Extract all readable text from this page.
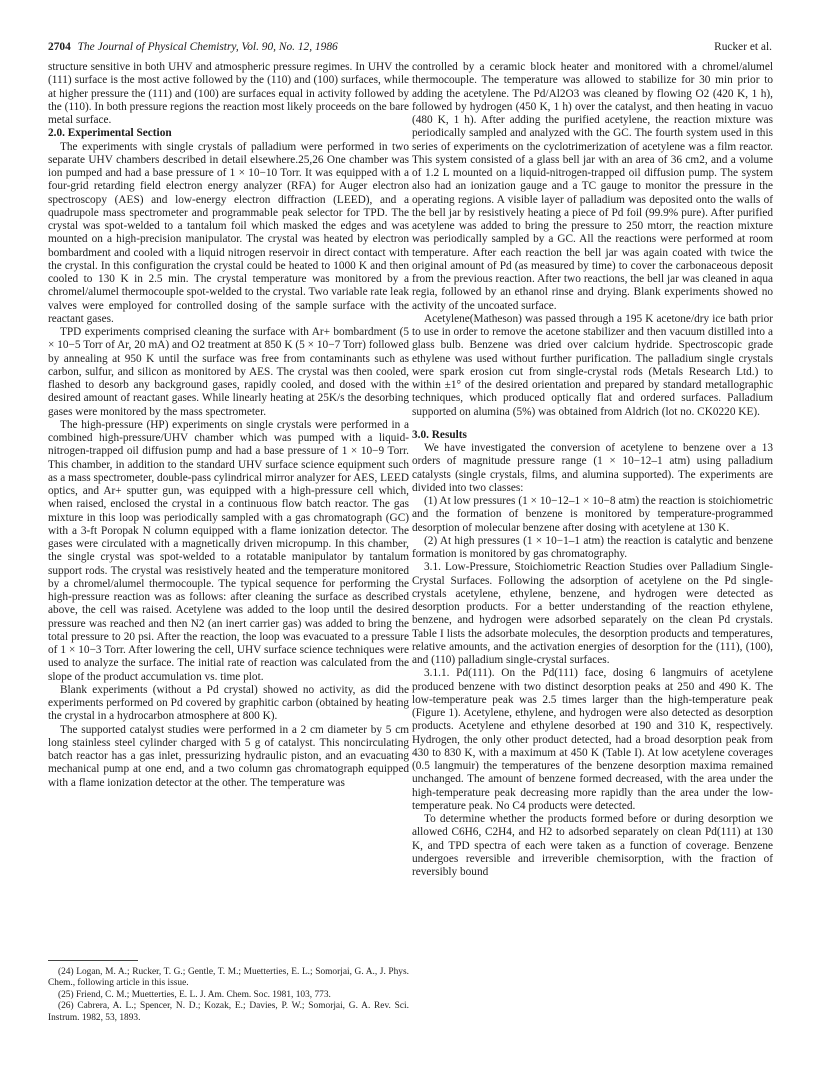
2704 The Journal of Physical Chemistry, Vol. 90, No. 12, 1986	Rucker et al.

structure sensitive in both UHV and atmospheric pressure regimes. In UHV the (111) surface is the most active followed by the (110) and (100) surfaces, while at higher pressure the (111) and (100) are surfaces equal in activity followed by the (110). In both pressure regions the reaction most likely proceeds on the bare metal surface.

2.0. Experimental Section

The experiments with single crystals of palladium were performed in two separate UHV chambers described in detail elsewhere.25,26 One chamber was ion pumped and had a base pressure of 1 × 10−10 Torr. It was equipped with a four-grid retarding field electron energy analyzer (RFA) for Auger electron spectroscopy (AES) and low-energy electron diffraction (LEED), and a quadrupole mass spectrometer and programmable peak selector for TPD. The crystal was spot-welded to a tantalum foil which masked the edges and was mounted on a high-precision manipulator. The crystal was heated by electron bombardment and cooled with a liquid nitrogen reservoir in direct contact with the crystal. In this configuration the crystal could be heated to 1000 K and then cooled to 130 K in 2.5 min. The crystal temperature was monitored by a chromel/alumel thermocouple spot-welded to the crystal. Two variable rate leak valves were employed for controlled dosing of the sample surface with the reactant gases.

TPD experiments comprised cleaning the surface with Ar+ bombardment (5 × 10−5 Torr of Ar, 20 mA) and O2 treatment at 850 K (5 × 10−7 Torr) followed by annealing at 950 K until the surface was free from contaminants such as carbon, sulfur, and silicon as monitored by AES. The crystal was then cooled, flashed to desorb any background gases, rapidly cooled, and dosed with the desired amount of reactant gases. While linearly heating at 25K/s the desorbing gases were monitored by the mass spectrometer.

The high-pressure (HP) experiments on single crystals were performed in a combined high-pressure/UHV chamber which was pumped with a liquid-nitrogen-trapped oil diffusion pump and had a base pressure of 1 × 10−9 Torr. This chamber, in addition to the standard UHV surface science equipment such as a mass spectrometer, double-pass cylindrical mirror analyzer for AES, LEED optics, and Ar+ sputter gun, was equipped with a high-pressure cell which, when raised, enclosed the crystal in a continuous flow batch reactor. The gas mixture in this loop was periodically sampled with a gas chromatograph (GC) with a 3-ft Poropak N column equipped with a flame ionization detector. The gases were circulated with a magnetically driven micropump. In this chamber, the single crystal was spot-welded to a rotatable manipulator by tantalum support rods. The crystal was resistively heated and the temperature monitored by a chromel/alumel thermocouple. The typical sequence for performing the high-pressure reaction was as follows: after cleaning the surface as described above, the cell was raised. Acetylene was added to the loop until the desired pressure was reached and then N2 (an inert carrier gas) was added to bring the total pressure to 20 psi. After the reaction, the loop was evacuated to a pressure of 1 × 10−3 Torr. After lowering the cell, UHV surface science techniques were used to analyze the surface. The initial rate of reaction was calculated from the slope of the product accumulation vs. time plot.

Blank experiments (without a Pd crystal) showed no activity, as did the experiments performed on Pd covered by graphitic carbon (obtained by heating the crystal in a hydrocarbon atmosphere at 800 K).

The supported catalyst studies were performed in a 2 cm diameter by 5 cm long stainless steel cylinder charged with 5 g of catalyst. This noncirculating batch reactor has a gas inlet, pressurizing hydraulic piston, and an evacuating mechanical pump at one end, and a two column gas chromatograph equipped with a flame ionization detector at the other. The temperature was

(24) Logan, M. A.; Rucker, T. G.; Gentle, T. M.; Muetterties, E. L.; Somorjai, G. A., J. Phys. Chem., following article in this issue.

(25) Friend, C. M.; Muetterties, E. L. J. Am. Chem. Soc. 1981, 103, 773.

(26) Cabrera, A. L.; Spencer, N. D.; Kozak, E.; Davies, P. W.; Somorjai, G. A. Rev. Sci. Instrum. 1982, 53, 1893.

controlled by a ceramic block heater and monitored with a chromel/alumel thermocouple. The temperature was allowed to stabilize for 30 min prior to adding the acetylene. The Pd/Al2O3 was cleaned by flowing O2 (420 K, 1 h), followed by hydrogen (450 K, 1 h) over the catalyst, and then heating in vacuo (480 K, 1 h). After adding the purified acetylene, the reaction mixture was periodically sampled and analyzed with the GC. The fourth system used in this series of experiments on the cyclotrimerization of acetylene was a film reactor. This system consisted of a glass bell jar with an area of 36 cm2, and a volume of 1.2 L mounted on a liquid-nitrogen-trapped oil diffusion pump. The system also had an ionization gauge and a TC gauge to monitor the pressure in the operating regions. A visible layer of palladium was deposited onto the walls of the bell jar by resistively heating a piece of Pd foil (99.9% pure). After purified acetylene was added to bring the pressure to 250 mtorr, the reaction mixture was periodically sampled by a GC. All the reactions were performed at room temperature. After each reaction the bell jar was again coated with twice the original amount of Pd (as measured by time) to cover the carbonaceous deposit from the previous reaction. After two reactions, the bell jar was cleaned in aqua regia, followed by an ethanol rinse and drying. Blank experiments showed no activity of the uncoated surface.

Acetylene(Matheson) was passed through a 195 K acetone/dry ice bath prior to use in order to remove the acetone stabilizer and then vacuum distilled into a glass bulb. Benzene was dried over calcium hydride. Spectroscopic grade ethylene was used without further purification. The palladium single crystals were spark erosion cut from single-crystal rods (Metals Research Ltd.) to within ±1° of the desired orientation and prepared by standard metallographic techniques, which produced optically flat and ordered surfaces. Palladium supported on alumina (5%) was obtained from Aldrich (lot no. CK0220 KE).

3.0. Results

We have investigated the conversion of acetylene to benzene over a 13 orders of magnitude pressure range (1 × 10−12–1 atm) using palladium catalysts (single crystals, films, and alumina supported). The experiments are divided into two classes:

(1) At low pressures (1 × 10−12–1 × 10−8 atm) the reaction is stoichiometric and the formation of benzene is monitored by temperature-programmed desorption of molecular benzene after dosing with acetylene at 130 K.

(2) At high pressures (1 × 10−1–1 atm) the reaction is catalytic and benzene formation is monitored by gas chromatography.

3.1. Low-Pressure, Stoichiometric Reaction Studies over Palladium Single-Crystal Surfaces. Following the adsorption of acetylene on the Pd single-crystals acetylene, ethylene, benzene, and hydrogen were detected as desorption products. For a better understanding of the reaction ethylene, benzene, and hydrogen were adsorbed separately on the clean Pd crystals. Table I lists the adsorbate molecules, the desorption products and temperatures, relative amounts, and the activation energies of desorption for the (111), (100), and (110) palladium single-crystal surfaces.

3.1.1. Pd(111). On the Pd(111) face, dosing 6 langmuirs of acetylene produced benzene with two distinct desorption peaks at 250 and 490 K. The low-temperature peak was 2.5 times larger than the high-temperature peak (Figure 1). Acetylene, ethylene, and hydrogen were also detected as desorption products. Acetylene and ethylene desorbed at 190 and 310 K, respectively. Hydrogen, the only other product detected, had a broad desorption peak from 430 to 830 K, with a maximum at 450 K (Table I). At low acetylene coverages (0.5 langmuir) the temperatures of the benzene desorption maxima remained unchanged. The amount of benzene formed decreased, with the area under the high-temperature peak decreasing more rapidly than the area under the low-temperature peak. No C4 products were detected.

To determine whether the products formed before or during desorption we allowed C6H6, C2H4, and H2 to adsorbed separately on clean Pd(111) at 130 K, and TPD spectra of each were taken as a function of coverage. Benzene undergoes reversible and irreverible chemisorption, with the fraction of reversibly bound
